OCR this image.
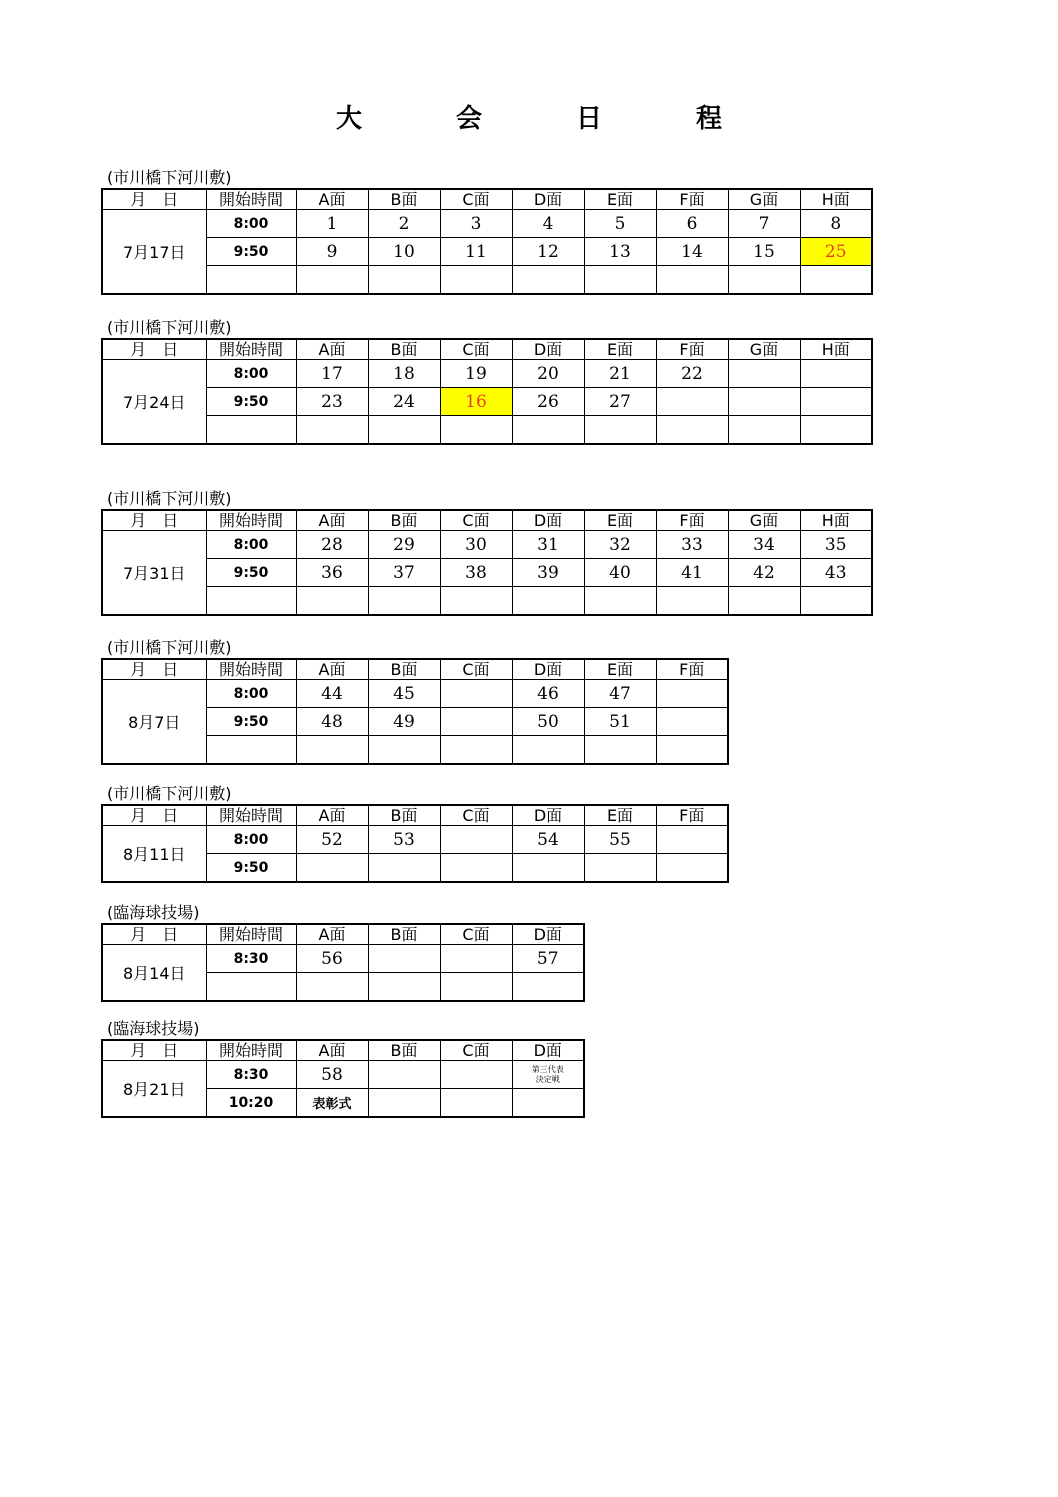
大	会	日	程
(市川橋下河川敷)
月　日	開始時間	A面	B面	C面	D面	E面	F面	G面	H面
7月17日	8:00	1	2	3	4	5	6	7	8
	9:50	9	10	11	12	13	14	15	25

(市川橋下河川敷)
月　日	開始時間	A面	B面	C面	D面	E面	F面	G面	H面
7月24日	8:00	17	18	19	20	21	22		
	9:50	23	24	16	26	27			

(市川橋下河川敷)
月　日	開始時間	A面	B面	C面	D面	E面	F面	G面	H面
7月31日	8:00	28	29	30	31	32	33	34	35
	9:50	36	37	38	39	40	41	42	43

(市川橋下河川敷)
月　日	開始時間	A面	B面	C面	D面	E面	F面
8月7日	8:00	44	45		46	47	
	9:50	48	49		50	51	

(市川橋下河川敷)
月　日	開始時間	A面	B面	C面	D面	E面	F面
8月11日	8:00	52	53		54	55	
	9:50						
(臨海球技場)
月　日	開始時間	A面	B面	C面	D面
8月14日	8:30	56			57

(臨海球技場)
月　日	開始時間	A面	B面	C面	D面
8月21日	8:30	58			第三代表
決定戦
	10:20	表彰式			
